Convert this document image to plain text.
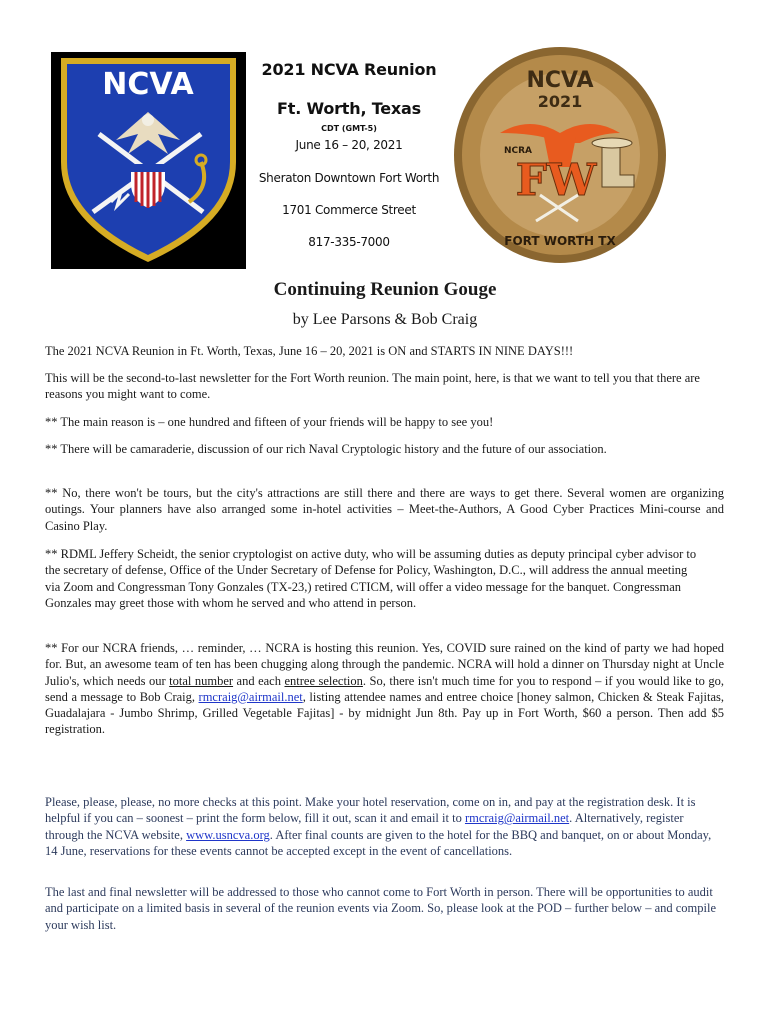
NCVA	2021 NCVA Reunion
Ft. Worth, Texas
CDT (GMT-5)
June 16 – 20, 2021
Sheraton Downtown Fort Worth
1701 Commerce Street
817-335-7000
NCVA
2021
NCRA
FW
FORT WORTH TX
Continuing Reunion Gouge
by Lee Parsons & Bob Craig
The 2021 NCVA Reunion in Ft. Worth, Texas, June 16 – 20, 2021 is ON and STARTS IN NINE DAYS!!!
This will be the second-to-last newsletter for the Fort Worth reunion. The main point, here, is that we want to tell you that there are reasons you might want to come.
** The main reason is – one hundred and fifteen of your friends will be happy to see you!
** There will be camaraderie, discussion of our rich Naval Cryptologic history and the future of our association.
** No, there won't be tours, but the city's attractions are still there and there are ways to get there. Several women are organizing outings. Your planners have also arranged some in-hotel activities – Meet-the-Authors, A Good Cyber Practices Mini-course and Casino Play.
** RDML Jeffery Scheidt, the senior cryptologist on active duty, who will be assuming duties as deputy principal cyber advisor to the secretary of defense, Office of the Under Secretary of Defense for Policy, Washington, D.C., will address the annual meeting via Zoom and Congressman Tony Gonzales (TX-23,) retired CTICM, will offer a video message for the banquet. Congressman Gonzales may greet those with whom he served and who attend in person.
** For our NCRA friends, … reminder, … NCRA is hosting this reunion. Yes, COVID sure rained on the kind of party we had hoped for. But, an awesome team of ten has been chugging along through the pandemic. NCRA will hold a dinner on Thursday night at Uncle Julio's, which needs our total number and each entree selection. So, there isn't much time for you to respond – if you would like to go, send a message to Bob Craig, rmcraig@airmail.net, listing attendee names and entree choice [honey salmon, Chicken & Steak Fajitas, Guadalajara - Jumbo Shrimp, Grilled Vegetable Fajitas] - by midnight Jun 8th. Pay up in Fort Worth, $60 a person. Then add $5 registration.
Please, please, please, no more checks at this point. Make your hotel reservation, come on in, and pay at the registration desk. It is helpful if you can – soonest – print the form below, fill it out, scan it and email it to rmcraig@airmail.net. Alternatively, register through the NCVA website, www.usncva.org. After final counts are given to the hotel for the BBQ and banquet, on or about Monday, 14 June, reservations for these events cannot be accepted except in the event of cancellations.
The last and final newsletter will be addressed to those who cannot come to Fort Worth in person. There will be opportunities to audit and participate on a limited basis in several of the reunion events via Zoom. So, please look at the POD – further below – and compile your wish list.
